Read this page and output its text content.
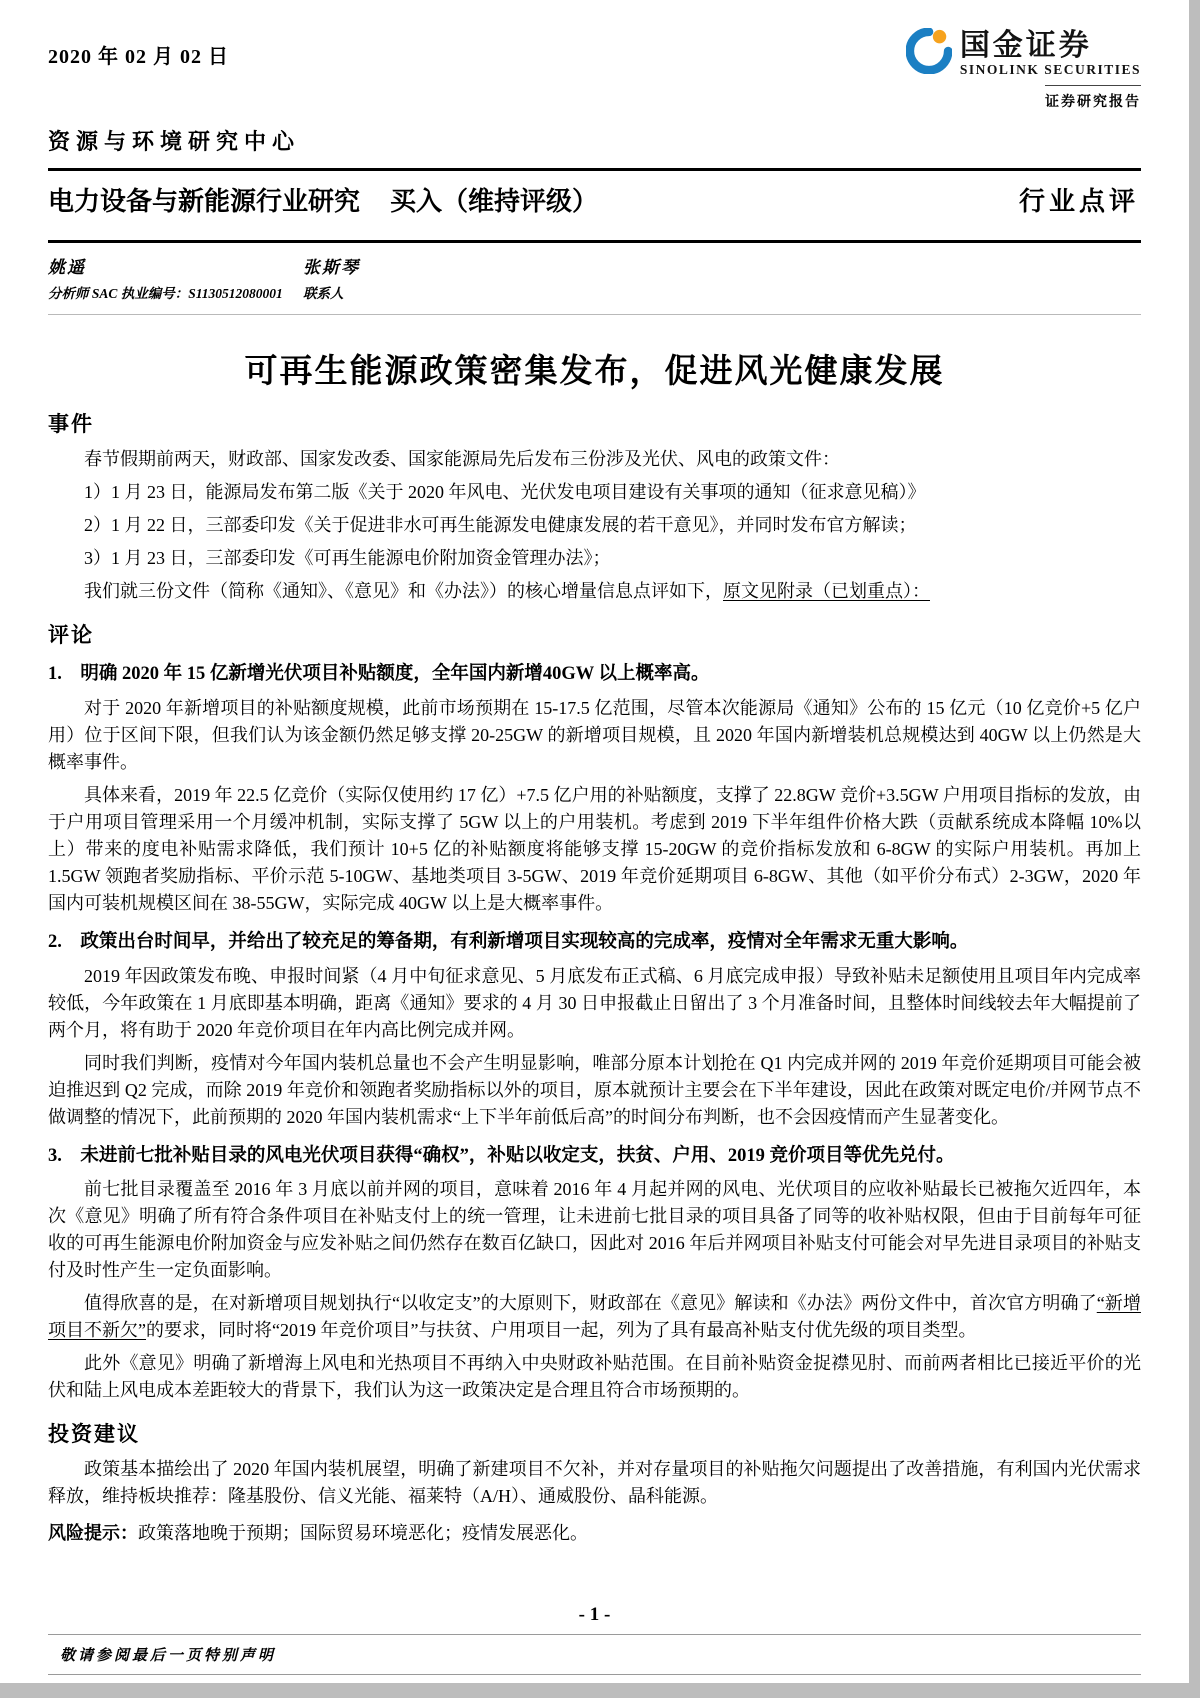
2020 年 02 月 02 日	国金证券
SINOLINK SECURITIES
证券研究报告
资源与环境研究中心
电力设备与新能源行业研究 买入（维持评级）	行业点评
姚遥
分析师 SAC 执业编号：S1130512080001
张斯琴
联系人
可再生能源政策密集发布，促进风光健康发展
事件

春节假期前两天，财政部、国家发改委、国家能源局先后发布三份涉及光伏、风电的政策文件：

1）1 月 23 日，能源局发布第二版《关于 2020 年风电、光伏发电项目建设有关事项的通知（征求意见稿）》

2）1 月 22 日，三部委印发《关于促进非水可再生能源发电健康发展的若干意见》，并同时发布官方解读；

3）1 月 23 日，三部委印发《可再生能源电价附加资金管理办法》；

我们就三份文件（简称《通知》、《意见》和《办法》）的核心增量信息点评如下，原文见附录（已划重点）：

评论
1.　明确 2020 年 15 亿新增光伏项目补贴额度，全年国内新增40GW 以上概率高。

对于 2020 年新增项目的补贴额度规模，此前市场预期在 15-17.5 亿范围，尽管本次能源局《通知》公布的 15 亿元（10 亿竞价+5 亿户用）位于区间下限，但我们认为该金额仍然足够支撑 20-25GW 的新增项目规模，且 2020 年国内新增装机总规模达到 40GW 以上仍然是大概率事件。

具体来看，2019 年 22.5 亿竞价（实际仅使用约 17 亿）+7.5 亿户用的补贴额度，支撑了 22.8GW 竞价+3.5GW 户用项目指标的发放，由于户用项目管理采用一个月缓冲机制，实际支撑了 5GW 以上的户用装机。考虑到 2019 下半年组件价格大跌（贡献系统成本降幅 10%以上）带来的度电补贴需求降低，我们预计 10+5 亿的补贴额度将能够支撑 15-20GW 的竞价指标发放和 6-8GW 的实际户用装机。再加上 1.5GW 领跑者奖励指标、平价示范 5-10GW、基地类项目 3-5GW、2019 年竞价延期项目 6-8GW、其他（如平价分布式）2-3GW，2020 年国内可装机规模区间在 38-55GW，实际完成 40GW 以上是大概率事件。

2.　政策出台时间早，并给出了较充足的筹备期，有利新增项目实现较高的完成率，疫情对全年需求无重大影响。

2019 年因政策发布晚、申报时间紧（4 月中旬征求意见、5 月底发布正式稿、6 月底完成申报）导致补贴未足额使用且项目年内完成率较低，今年政策在 1 月底即基本明确，距离《通知》要求的 4 月 30 日申报截止日留出了 3 个月准备时间，且整体时间线较去年大幅提前了两个月，将有助于 2020 年竞价项目在年内高比例完成并网。

同时我们判断，疫情对今年国内装机总量也不会产生明显影响，唯部分原本计划抢在 Q1 内完成并网的 2019 年竞价延期项目可能会被迫推迟到 Q2 完成，而除 2019 年竞价和领跑者奖励指标以外的项目，原本就预计主要会在下半年建设，因此在政策对既定电价/并网节点不做调整的情况下，此前预期的 2020 年国内装机需求“上下半年前低后高”的时间分布判断，也不会因疫情而产生显著变化。

3.　未进前七批补贴目录的风电光伏项目获得“确权”，补贴以收定支，扶贫、户用、2019 竞价项目等优先兑付。

前七批目录覆盖至 2016 年 3 月底以前并网的项目，意味着 2016 年 4 月起并网的风电、光伏项目的应收补贴最长已被拖欠近四年，本次《意见》明确了所有符合条件项目在补贴支付上的统一管理，让未进前七批目录的项目具备了同等的收补贴权限，但由于目前每年可征收的可再生能源电价附加资金与应发补贴之间仍然存在数百亿缺口，因此对 2016 年后并网项目补贴支付可能会对早先进目录项目的补贴支付及时性产生一定负面影响。

值得欣喜的是，在对新增项目规划执行“以收定支”的大原则下，财政部在《意见》解读和《办法》两份文件中，首次官方明确了“新增项目不新欠”的要求，同时将“2019 年竞价项目”与扶贫、户用项目一起，列为了具有最高补贴支付优先级的项目类型。

此外《意见》明确了新增海上风电和光热项目不再纳入中央财政补贴范围。在目前补贴资金捉襟见肘、而前两者相比已接近平价的光伏和陆上风电成本差距较大的背景下，我们认为这一政策决定是合理且符合市场预期的。

投资建议

政策基本描绘出了 2020 年国内装机展望，明确了新建项目不欠补，并对存量项目的补贴拖欠问题提出了改善措施，有利国内光伏需求释放，维持板块推荐：隆基股份、信义光能、福莱特（A/H）、通威股份、晶科能源。

风险提示：政策落地晚于预期；国际贸易环境恶化；疫情发展恶化。

- 1 -
敬请参阅最后一页特别声明
